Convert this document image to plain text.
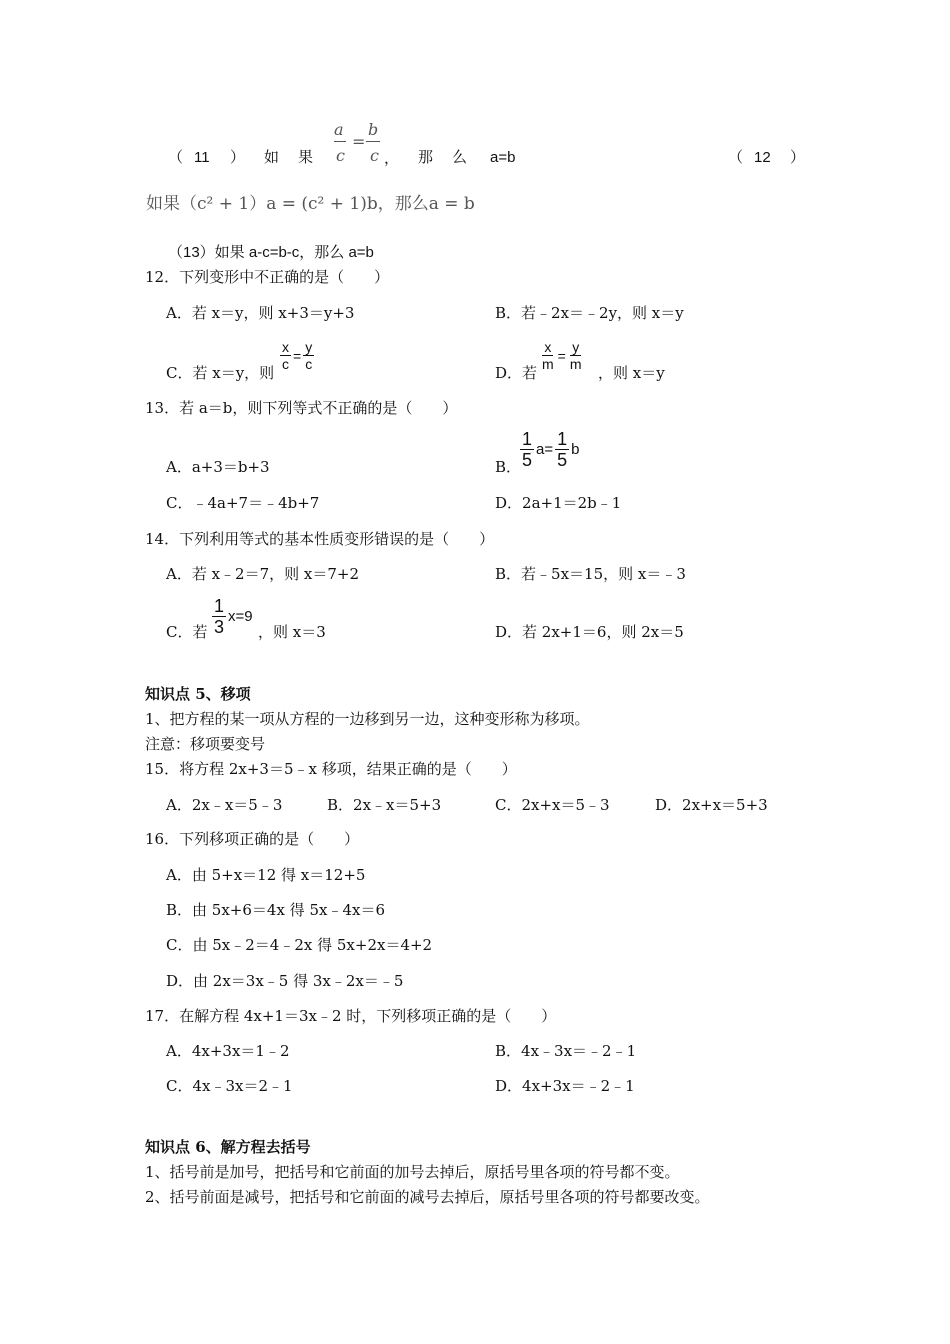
（ 11 ） 如 果
a
c
=
b
c ， 那 么 a=b	（ 12 ）
如果（c² + 1）a = (c² + 1)b，那么a = b
（13）如果 a-c=b-c，那么 a=b
12．下列变形中不正确的是（　　）
A．若 x＝y，则 x+3＝y+3	B．若﹣2x＝﹣2y，则 x＝y
C．若 x＝y，则
$\frac{x}{c} = \frac{y}{c}$
D．若
$\frac{x}{m} = \frac{y}{m}$
，则 x＝y
13．若 a＝b，则下列等式不正确的是（　　）
A．a+3＝b+3	B．
$\frac{1}{5} a= \frac{1}{5}$ b
C．﹣4a+7＝﹣4b+7	D．2a+1＝2b﹣1
14．下列利用等式的基本性质变形错误的是（　　）
A．若 x﹣2＝7，则 x＝7+2	B．若﹣5x＝15，则 x＝﹣3
C．若 $\frac{1}{3} x=9$
，则 x＝3	D．若 2x+1＝6，则 2x＝5
知识点 5、移项
1、把方程的某一项从方程的一边移到另一边，这种变形称为移项。
注意：移项要变号
15．将方程 2x+3＝5﹣x 移项，结果正确的是（　　）
A．2x﹣x＝5﹣3	B．2x﹣x＝5+3	C．2x+x＝5﹣3	D．2x+x＝5+3
16．下列移项正确的是（　　）
A．由 5+x＝12 得 x＝12+5
B．由 5x+6＝4x 得 5x﹣4x＝6
C．由 5x﹣2＝4﹣2x 得 5x+2x＝4+2
D．由 2x＝3x﹣5 得 3x﹣2x＝﹣5
17．在解方程 4x+1＝3x﹣2 时，下列移项正确的是（　　）
A．4x+3x＝1﹣2	B．4x﹣3x＝﹣2﹣1
C．4x﹣3x＝2﹣1	D．4x+3x＝﹣2﹣1
知识点 6、解方程去括号
1、括号前是加号，把括号和它前面的加号去掉后，原括号里各项的符号都不变。
2、括号前面是减号，把括号和它前面的减号去掉后，原括号里各项的符号都要改变。
